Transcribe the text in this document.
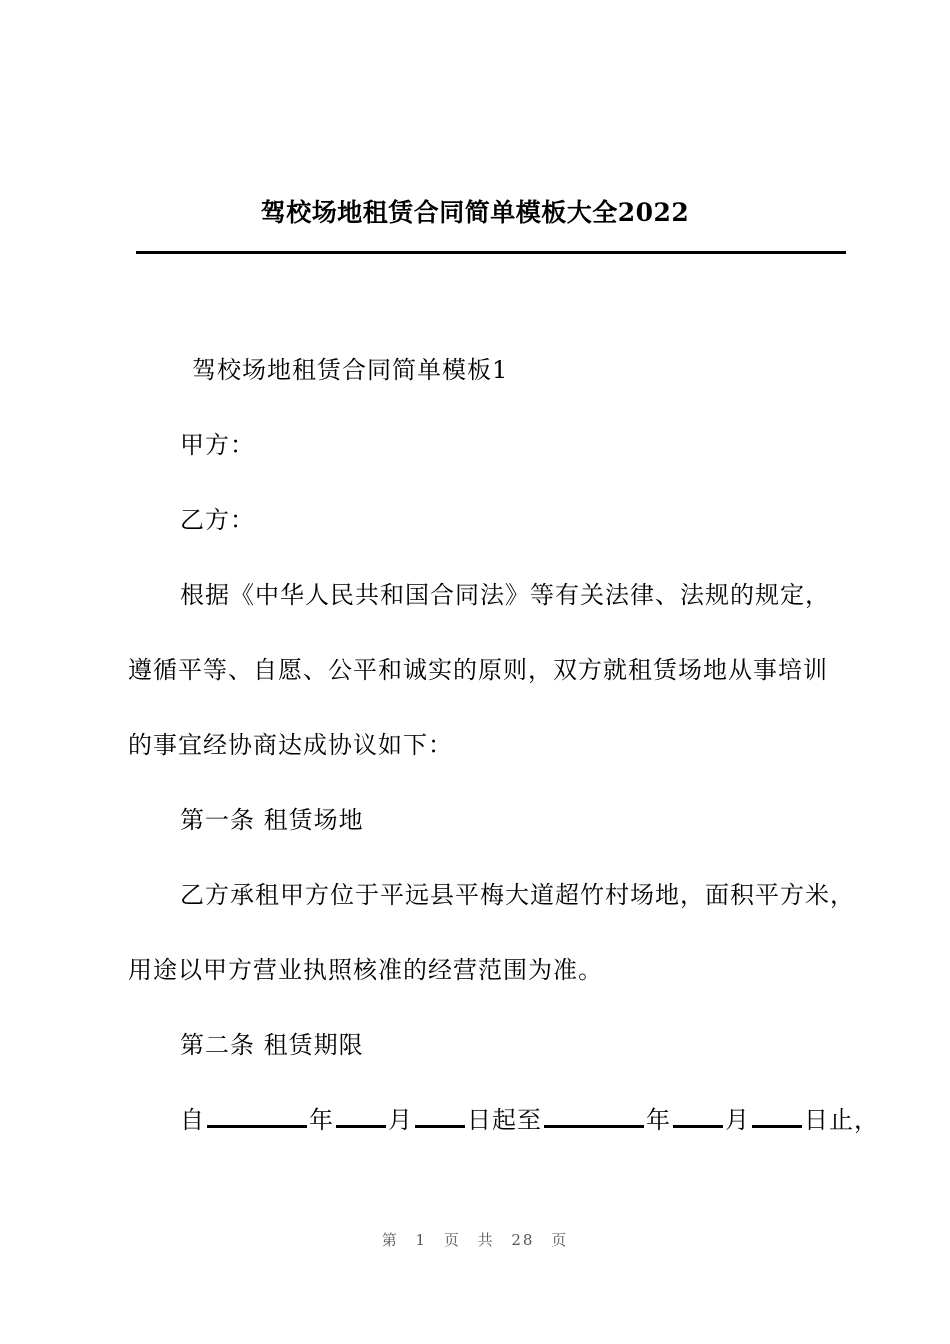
驾校场地租赁合同简单模板大全2022
驾校场地租赁合同简单模板1
甲方：
乙方：
根据《中华人民共和国合同法》等有关法律、法规的规定，
遵循平等、自愿、公平和诚实的原则，双方就租赁场地从事培训
的事宜经协商达成协议如下：
第一条 租赁场地
乙方承租甲方位于平远县平梅大道超竹村场地，面积平方米，
用途以甲方营业执照核准的经营范围为准。
第二条 租赁期限
自	年 月 日起至	年 月 日止，
第 1 页 共 28 页
